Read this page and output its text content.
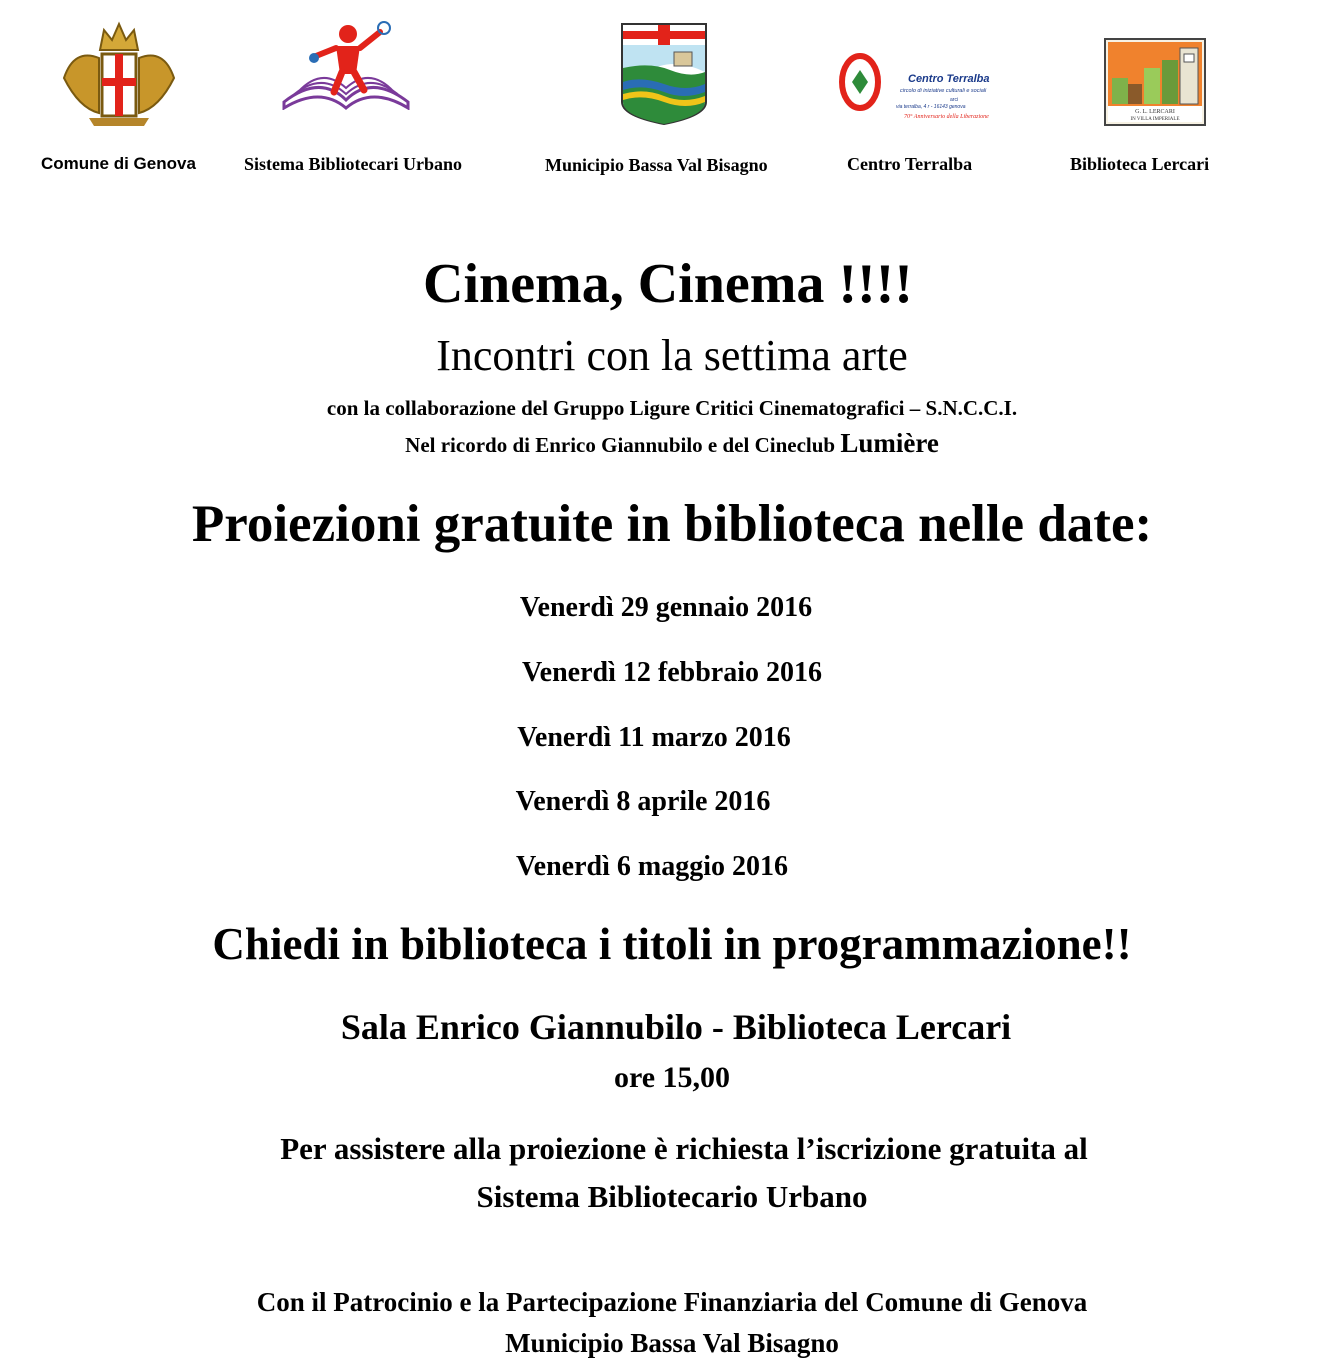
Centro Terralba
circolo di iniziative culturali e sociali
arci
via terralba, 4 r - 16143 genova
70° Anniversario della Liberazione
G. L. LERCARI
IN VILLA IMPERIALE
Comune di Genova	Sistema Bibliotecari Urbano	Municipio Bassa Val Bisagno	Centro Terralba	Biblioteca Lercari
Cinema, Cinema !!!!
Incontri con la settima arte
con la collaborazione del Gruppo Ligure Critici Cinematografici – S.N.C.C.I.
Nel ricordo di Enrico Giannubilo e del Cineclub Lumière
Proiezioni gratuite in biblioteca nelle date:
Venerdì 29 gennaio 2016
Venerdì 12 febbraio 2016
Venerdì 11 marzo 2016
Venerdì 8 aprile 2016
Venerdì 6 maggio 2016
Chiedi in biblioteca i titoli in programmazione!!
Sala Enrico Giannubilo - Biblioteca Lercari
ore 15,00
Per assistere alla proiezione è richiesta l’iscrizione gratuita al
Sistema Bibliotecario Urbano
Con il Patrocinio e la Partecipazione Finanziaria del Comune di Genova
Municipio Bassa Val Bisagno
